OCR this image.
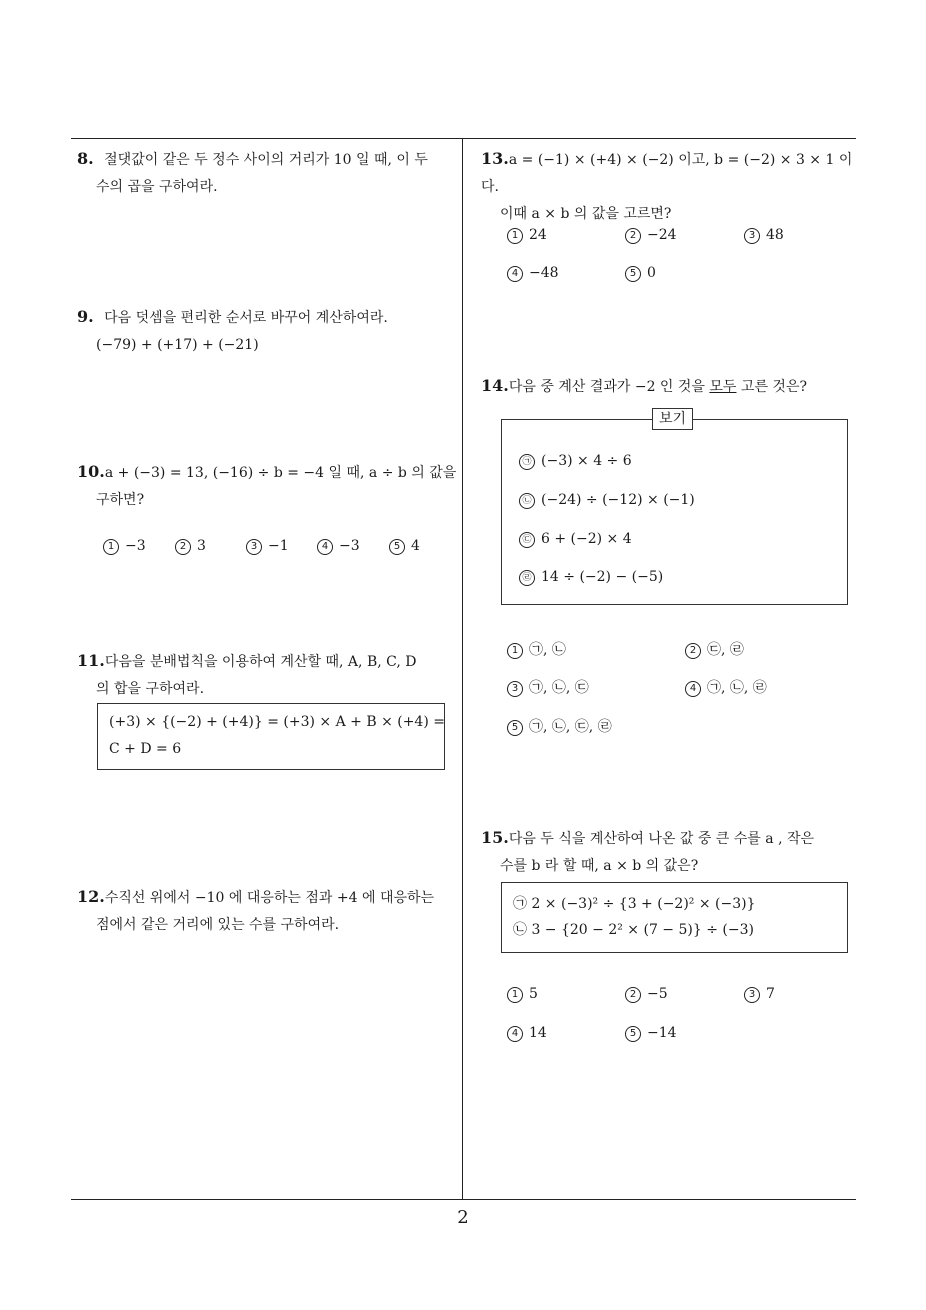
8. 절댓값이 같은 두 정수 사이의 거리가 10 일 때, 이 두
수의 곱을 구하여라.
9. 다음 덧셈을 편리한 순서로 바꾸어 계산하여라.
(−79) + (+17) + (−21)
10.a + (−3) = 13, (−16) ÷ b = −4 일 때, a ÷ b 의 값을
구하면?
1 −3	2 3	3 −1	4 −3	5 4
11.다음을 분배법칙을 이용하여 계산할 때, A, B, C, D
의 합을 구하여라.
(+3) × {(−2) + (+4)} = (+3) × A + B × (+4) =
C + D = 6
12.수직선 위에서 −10 에 대응하는 점과 +4 에 대응하는
점에서 같은 거리에 있는 수를 구하여라.
13.a = (−1) × (+4) × (−2) 이고, b = (−2) × 3 × 1 이다.
이때 a × b 의 값을 고르면?
1 24	2 −24	3 48
4 −48	5 0
14.다음 중 계산 결과가 −2 인 것을 모두 고른 것은?
㉠ (−3) × 4 ÷ 6
㉡ (−24) ÷ (−12) × (−1)
㉢ 6 + (−2) × 4
㉣ 14 ÷ (−2) − (−5)
보기
1 ㉠, ㉡	2 ㉢, ㉣
3 ㉠, ㉡, ㉢	4 ㉠, ㉡, ㉣
5 ㉠, ㉡, ㉢, ㉣
15.다음 두 식을 계산하여 나온 값 중 큰 수를 a , 작은
수를 b 라 할 때, a × b 의 값은?
㉠ 2 × (−3)² ÷ {3 + (−2)² × (−3)}
㉡ 3 − {20 − 2² × (7 − 5)} ÷ (−3)
1 5	2 −5	3 7
4 14	5 −14
2
